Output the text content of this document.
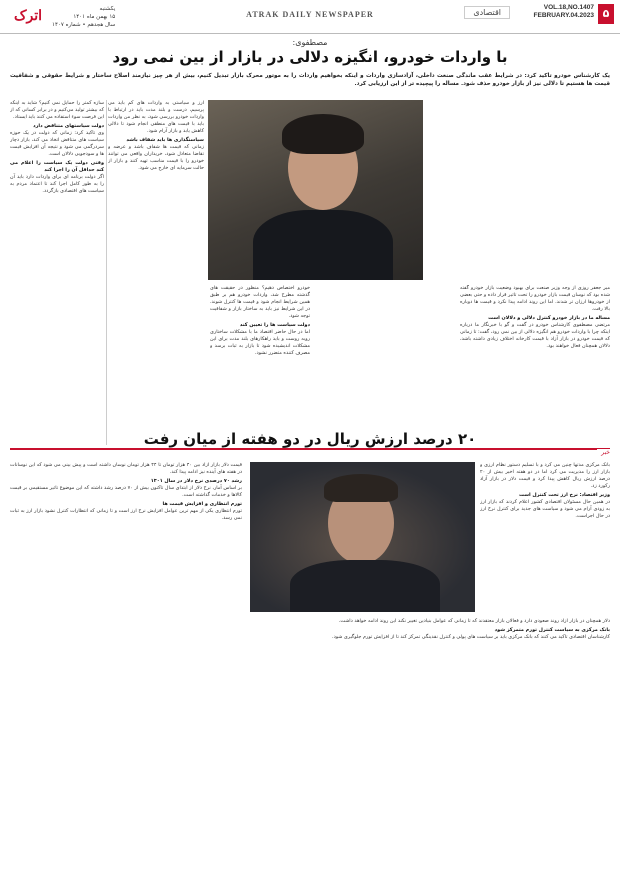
۵
VOL.18,NO.1407
FEBRUARY.04.2023
اقتصادی
ATRAK DAILY NEWSPAPER
اترک	یکشنبه
۱۵ بهمن ماه ۱۴۰۱
سال هجدهم • شماره ۱۴۰۷
مصطفوی:
با واردات خودرو، انگیزه دلالی در بازار از بین نمی رود
یک کارشناس خودرو تاکید کرد: در شرایط عقب ماندگی صنعت داخلی، آزادسازی واردات و اینکه بخواهیم واردات را به موتور محرک بازار تبدیل کنیم، بیش از هر چیز نیازمند اصلاح ساختار و شرایط حقوقی و شفافیت قیمت ها هستیم تا دلالی نیز از بازار خودرو حذف شود. مساله را پیچیده تر از این ارزیابی کرد.
میر جعفر روزی از وجه وزیر صنعت برای بهبود وضعیت بازار خودرو گفته شده بود که نوسان قیمت بازار خودرو را تحت تاثیر قرار داده و حتی بعضی از خودروها ارزان تر شدند. اما این روند ادامه پیدا نکرد و قیمت ها دوباره بالا رفت.
مساله ما در بازار خودرو کنترل دلالی و دلالان است
مرتضی مصطفوی کارشناس خودرو در گفت و گو با خبرنگار ما درباره اینکه چرا با واردات خودرو هم انگیزه دلالی از بین نمی رود، گفت: تا زمانی که قیمت خودرو در بازار آزاد با قیمت کارخانه اختلاف زیادی داشته باشد، دلالان همچنان فعال خواهند بود.
خودرو اختصاص دهیم؟ منظور در حقیقت های گذشته مطرح شد، واردات خودرو هم بر طبق همین شرایط انجام شود و قیمت ها کنترل شوند. در این شرایط نیز باید به ساختار بازار و شفافیت توجه شود.
دولت سیاست ها را تعیین کند
اما در حال حاضر اقتصاد ما با مشکلات ساختاری روبه روست و باید راهکارهای بلند مدت برای این مشکلات اندیشیده شود تا بازار به ثبات برسد و مصرف کننده متضرر نشود.
ارز و سیاستی به واردات های کم باید می پرسیم، درست و بلند مدت باید در ارتباط با واردات خودرو بررسی شود، به نظر من واردات باید با قیمت های منطقی انجام شود تا دلالی کاهش یابد و بازار آرام شود.
سیاستگذاری ها باید شفاف باشد
زمانی که قیمت ها شفاف باشد و عرضه و تقاضا متعادل شود، خریداران واقعی می توانند خودرو را با قیمت مناسب تهیه کنند و بازار از حالت سرمایه ای خارج می شود.
سازه کمتر را حمایل نمی کنیم؟ شاید به اینکه که بیشتر تولید می‌کنیم و در برابر کسانی که از این فرصت سوء استفاده می کنند باید ایستاد.
دولت سیاستهای متناقض دارد
وی تاکید کرد: زمانی که دولت در یک حوزه سیاست های متناقض اتخاذ می کند، بازار دچار سردرگمی می شود و نتیجه آن افزایش قیمت ها و سودجویی دلالان است.
وقتی دولت یک سیاست را اعلام می کند حداقل آن را اجرا کند
اگر دولت برنامه ای برای واردات دارد باید آن را به طور کامل اجرا کند تا اعتماد مردم به سیاست های اقتصادی بازگردد.
۲۰ درصد ارزش ریال در دو هفته از میان رفت
خبر
بانک مرکزی مدتها چنین می کرد و با تسلیم دستور نظام ارزی و بازار ارز را مدیریت می کرد اما در دو هفته اخیر بیش از ۲۰ درصد ارزش ریال کاهش پیدا کرد و قیمت دلار در بازار آزاد رکورد زد.
وزیر اقتصاد: نرخ ارز تحت کنترل است
در همین حال مسئولان اقتصادی کشور اعلام کردند که بازار ارز به زودی آرام می شود و سیاست های جدید برای کنترل نرخ ارز در حال اجراست.
دلار همچنان در بازار آزاد روند صعودی دارد و فعالان بازار معتقدند که تا زمانی که عوامل بنیادین تغییر نکند این روند ادامه خواهد داشت.
بانک مرکزی به سیاست کنترل تورم متمرکز شود
کارشناسان اقتصادی تاکید می کنند که بانک مرکزی باید بر سیاست های پولی و کنترل نقدینگی تمرکز کند تا از افزایش تورم جلوگیری شود.
قیمت دلار بازار آزاد بین ۴۰ هزار تومان تا ۴۴ هزار تومان نوسان داشته است و پیش بینی می شود که این نوسانات در هفته های آینده نیز ادامه پیدا کند.
رشد ۷۰ درصدی نرخ دلار در سال ۱۴۰۱
بر اساس آمار، نرخ دلار از ابتدای سال تاکنون بیش از ۷۰ درصد رشد داشته که این موضوع تاثیر مستقیمی بر قیمت کالاها و خدمات گذاشته است.
تورم انتظاری و افزایش قیمت ها
تورم انتظاری یکی از مهم ترین عوامل افزایش نرخ ارز است و تا زمانی که انتظارات کنترل نشود بازار ارز به ثبات نمی رسد.
